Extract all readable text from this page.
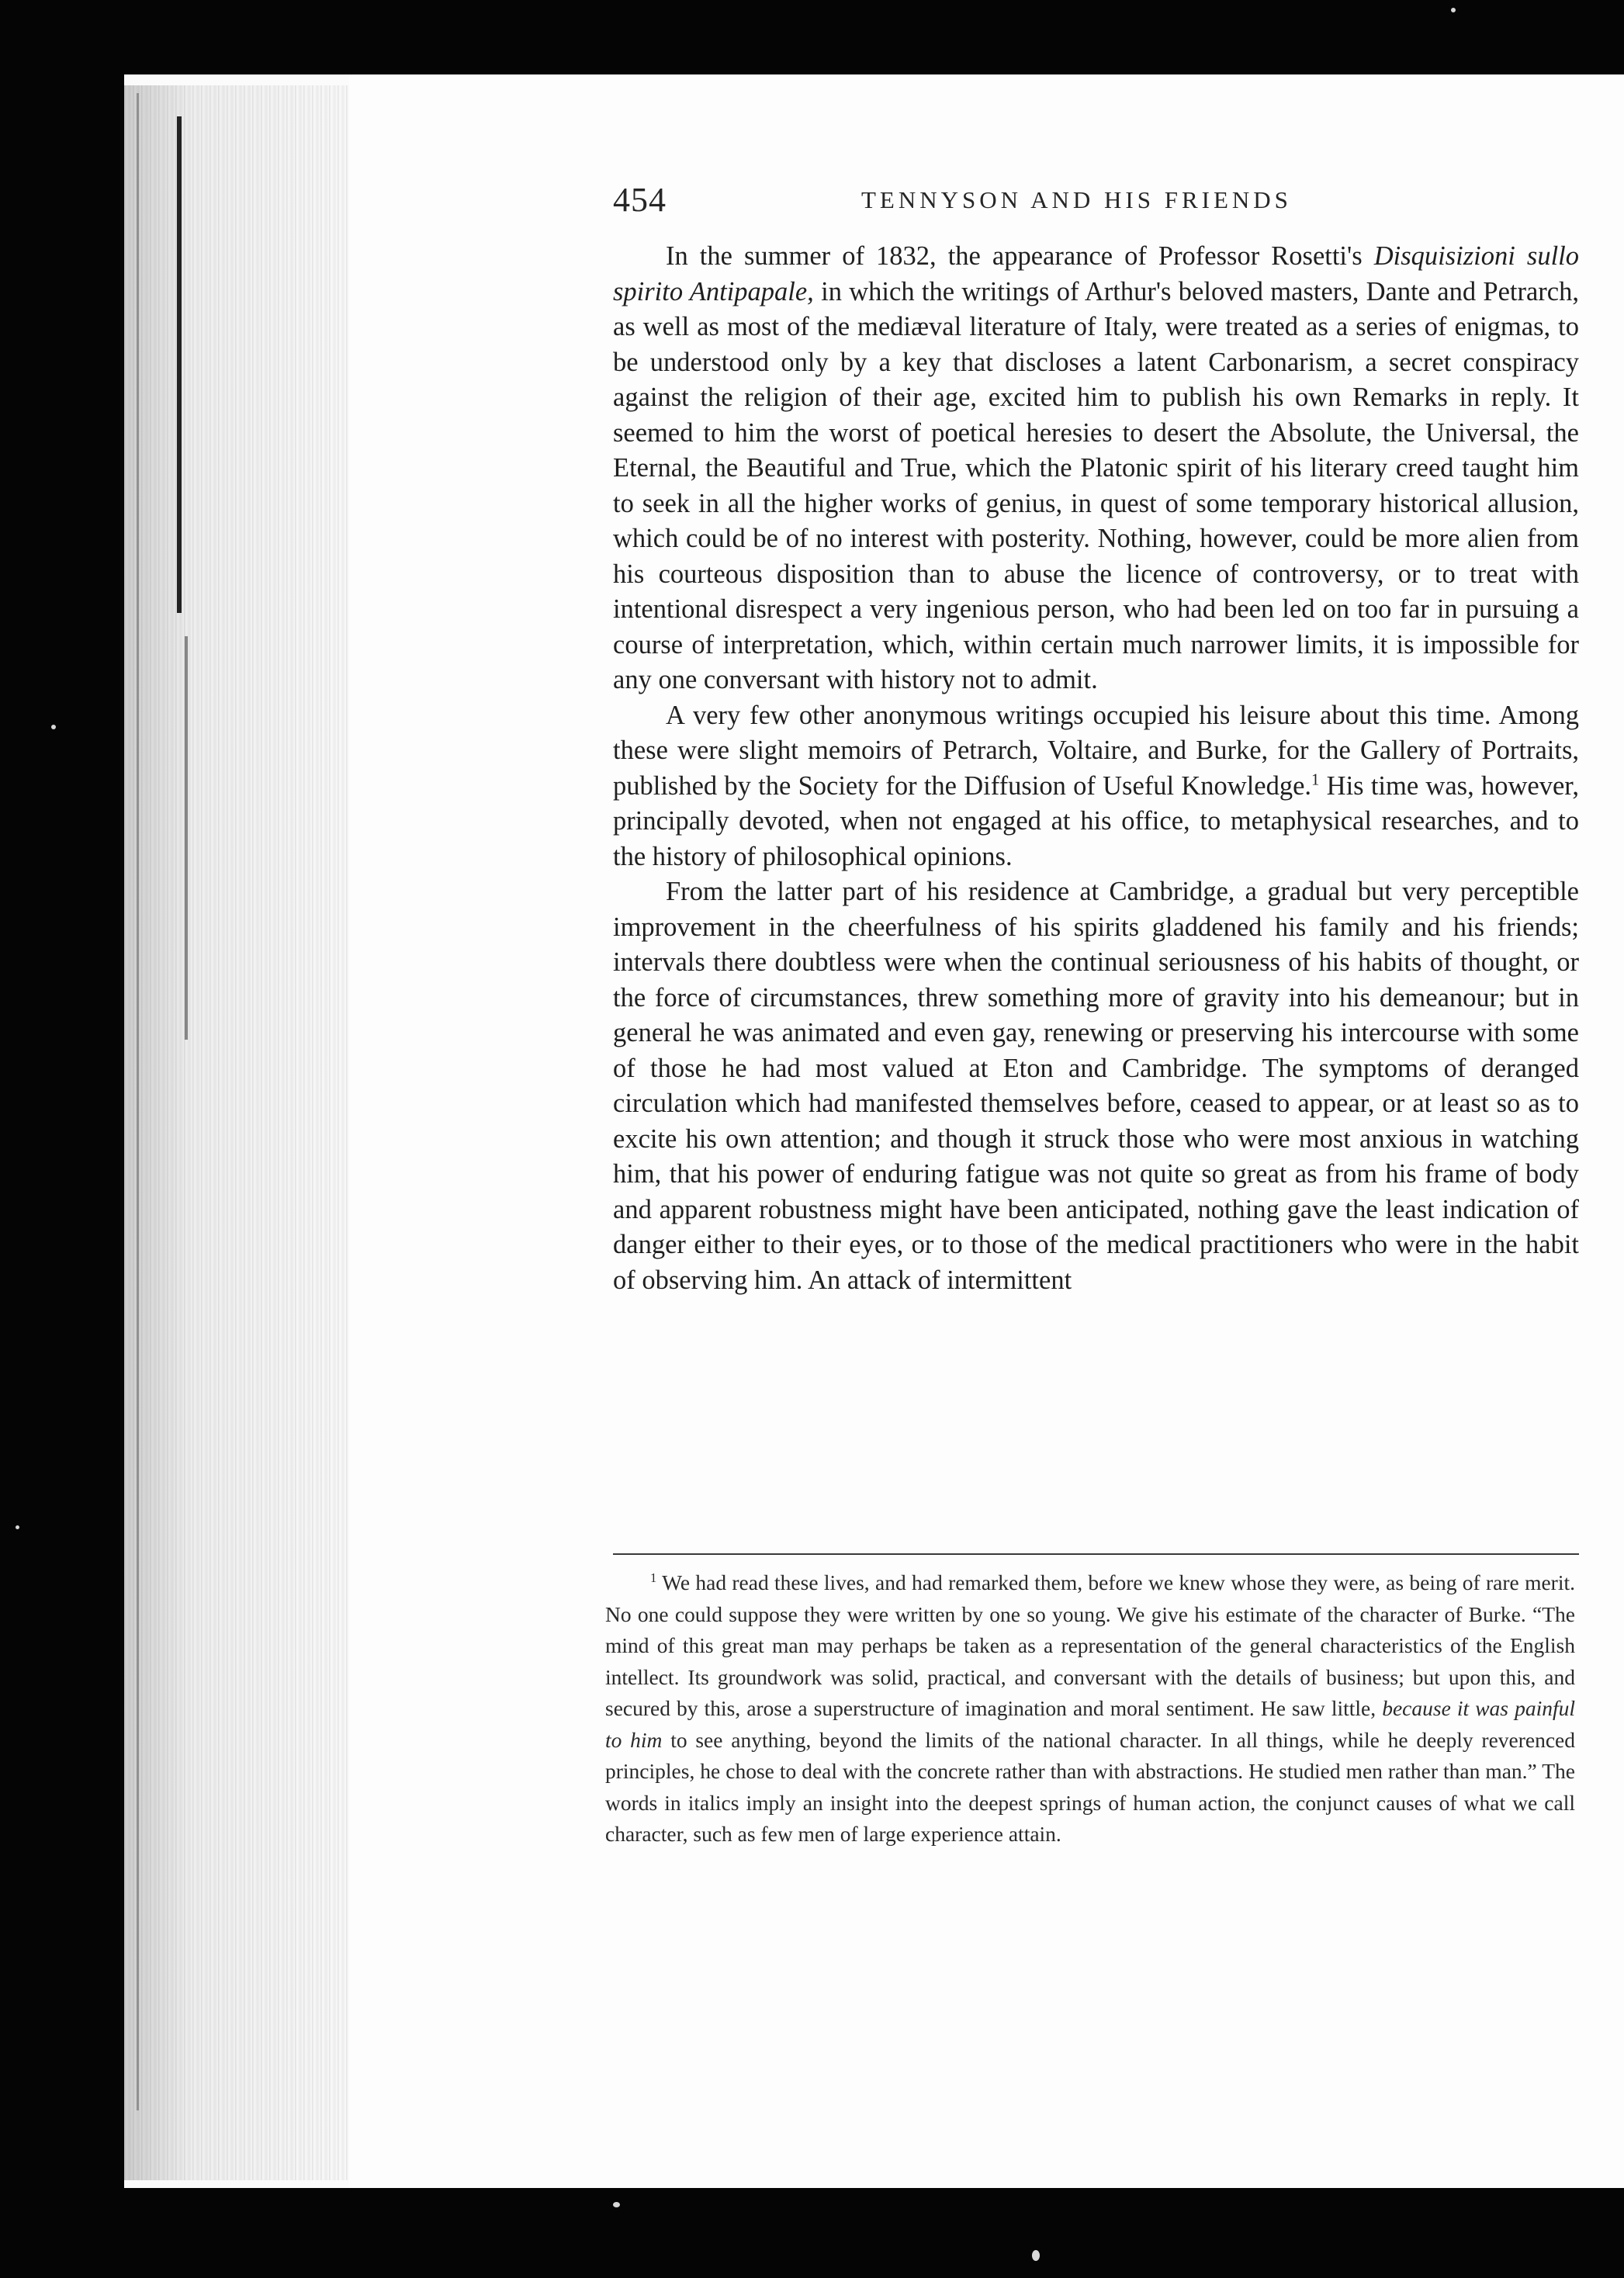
454	TENNYSON AND HIS FRIENDS

In the summer of 1832, the appearance of Professor Rosetti's Disquisizioni sullo spirito Antipapale, in which the writings of Arthur's beloved masters, Dante and Petrarch, as well as most of the mediæval literature of Italy, were treated as a series of enigmas, to be understood only by a key that discloses a latent Carbonarism, a secret conspiracy against the religion of their age, excited him to publish his own Remarks in reply. It seemed to him the worst of poetical heresies to desert the Absolute, the Universal, the Eternal, the Beautiful and True, which the Platonic spirit of his literary creed taught him to seek in all the higher works of genius, in quest of some temporary historical allusion, which could be of no interest with posterity. Nothing, however, could be more alien from his courteous disposition than to abuse the licence of controversy, or to treat with intentional disrespect a very ingenious person, who had been led on too far in pursuing a course of interpretation, which, within certain much narrower limits, it is impossible for any one conversant with history not to admit.

A very few other anonymous writings occupied his leisure about this time. Among these were slight memoirs of Petrarch, Voltaire, and Burke, for the Gallery of Portraits, published by the Society for the Diffusion of Useful Knowledge.$^1$ His time was, however, principally devoted, when not engaged at his office, to metaphysical researches, and to the history of philosophical opinions.

From the latter part of his residence at Cambridge, a gradual but very perceptible improvement in the cheerfulness of his spirits gladdened his family and his friends; intervals there doubtless were when the continual seriousness of his habits of thought, or the force of circumstances, threw something more of gravity into his demeanour; but in general he was animated and even gay, renewing or preserving his intercourse with some of those he had most valued at Eton and Cambridge. The symptoms of deranged circulation which had manifested themselves before, ceased to appear, or at least so as to excite his own attention; and though it struck those who were most anxious in watching him, that his power of enduring fatigue was not quite so great as from his frame of body and apparent robustness might have been anticipated, nothing gave the least indication of danger either to their eyes, or to those of the medical practitioners who were in the habit of observing him. An attack of intermittent

$^1$ We had read these lives, and had remarked them, before we knew whose they were, as being of rare merit. No one could suppose they were written by one so young. We give his estimate of the character of Burke. “The mind of this great man may perhaps be taken as a representation of the general characteristics of the English intellect. Its groundwork was solid, practical, and conversant with the details of business; but upon this, and secured by this, arose a superstructure of imagination and moral sentiment. He saw little, because it was painful to him to see anything, beyond the limits of the national character. In all things, while he deeply reverenced principles, he chose to deal with the concrete rather than with abstractions. He studied men rather than man.” The words in italics imply an insight into the deepest springs of human action, the conjunct causes of what we call character, such as few men of large experience attain.
